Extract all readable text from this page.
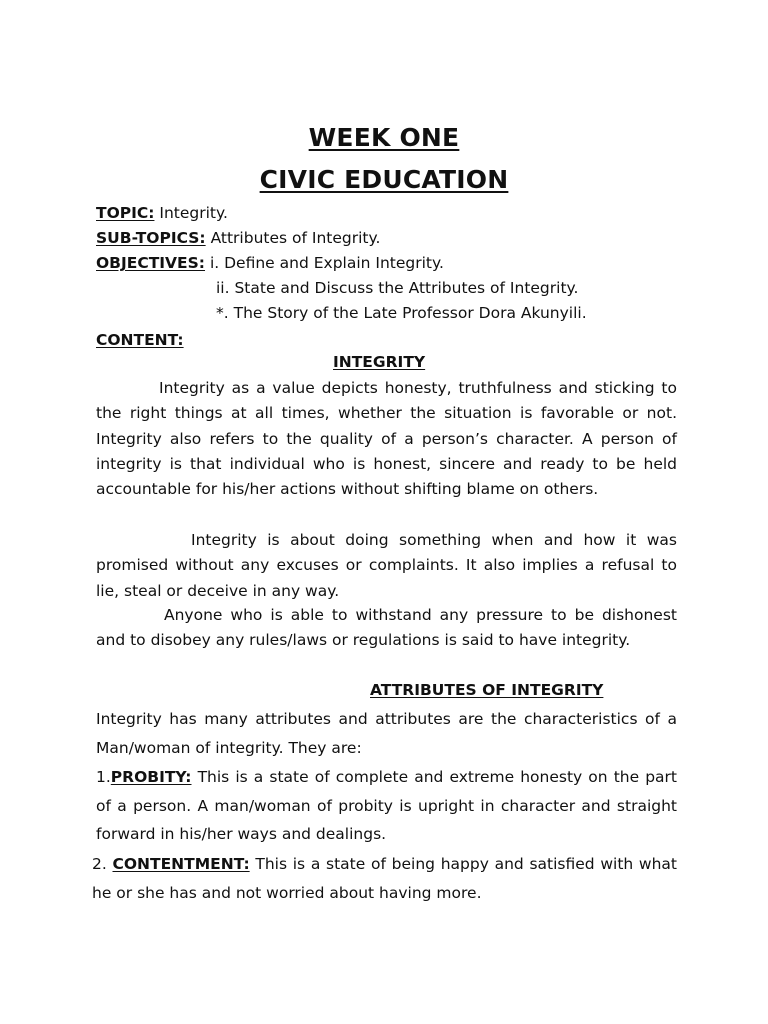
WEEK ONE
CIVIC EDUCATION
TOPIC: Integrity.
SUB-TOPICS: Attributes of Integrity.
OBJECTIVES: i. Define and Explain Integrity.
ii. State and Discuss the Attributes of Integrity.
*. The Story of the Late Professor Dora Akunyili.
CONTENT:
INTEGRITY
Integrity as a value depicts honesty, truthfulness and sticking to the right things at all times, whether the situation is favorable or not. Integrity also refers to the quality of a person’s character. A person of integrity is that individual who is honest, sincere and ready to be held accountable for his/her actions without shifting blame on others.
Integrity is about doing something when and how it was promised without any excuses or complaints. It also implies a refusal to lie, steal or deceive in any way.
Anyone who is able to withstand any pressure to be dishonest and to disobey any rules/laws or regulations is said to have integrity.
ATTRIBUTES OF INTEGRITY
Integrity has many attributes and attributes are the characteristics of a Man/woman of integrity. They are:
1.PROBITY: This is a state of complete and extreme honesty on the part of a person. A man/woman of probity is upright in character and straight forward in his/her ways and dealings.
2. CONTENTMENT: This is a state of being happy and satisfied with what he or she has and not worried about having more.
